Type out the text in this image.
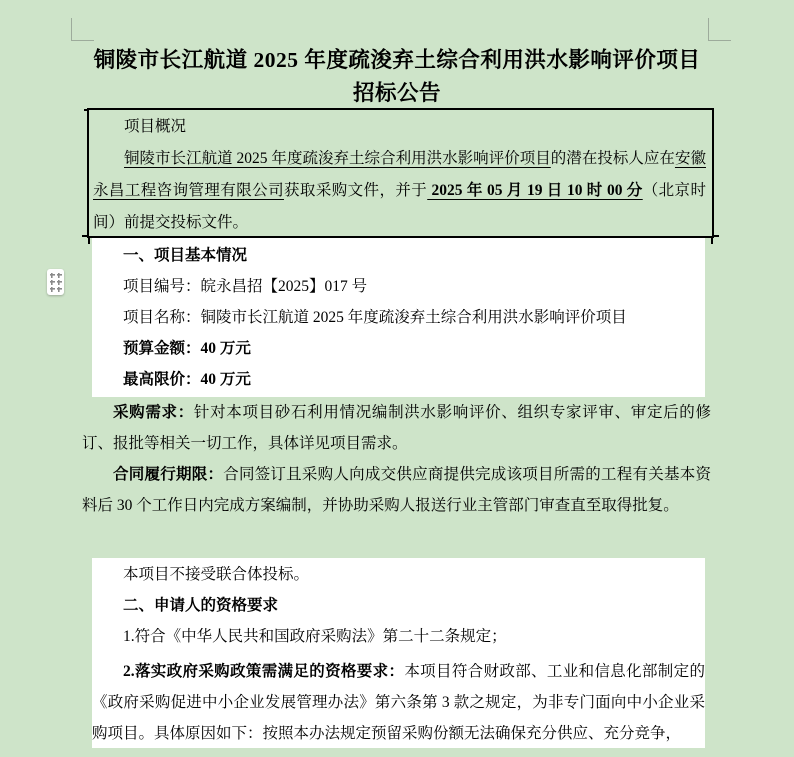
铜陵市长江航道 2025 年度疏浚弃土综合利用洪水影响评价项目
招标公告
项目概况

铜陵市长江航道 2025 年度疏浚弃土综合利用洪水影响评价项目的潜在投标人应在安徽永昌工程咨询管理有限公司获取采购文件，并于 2025 年 05 月 19 日 10 时 00 分（北京时间）前提交投标文件。

一、项目基本情况
项目编号：皖永昌招【2025】017 号
项目名称：铜陵市长江航道 2025 年度疏浚弃土综合利用洪水影响评价项目
预算金额：40 万元
最高限价：40 万元

采购需求：针对本项目砂石利用情况编制洪水影响评价、组织专家评审、审定后的修订、报批等相关一切工作，具体详见项目需求。

合同履行期限：合同签订且采购人向成交供应商提供完成该项目所需的工程有关基本资料后 30 个工作日内完成方案编制，并协助采购人报送行业主管部门审查直至取得批复。

本项目不接受联合体投标。
二、申请人的资格要求
1.符合《中华人民共和国政府采购法》第二十二条规定；

2.落实政府采购政策需满足的资格要求：本项目符合财政部、工业和信息化部制定的《政府采购促进中小企业发展管理办法》第六条第 3 款之规定，为非专门面向中小企业采购项目。具体原因如下：按照本办法规定预留采购份额无法确保充分供应、充分竞争，
